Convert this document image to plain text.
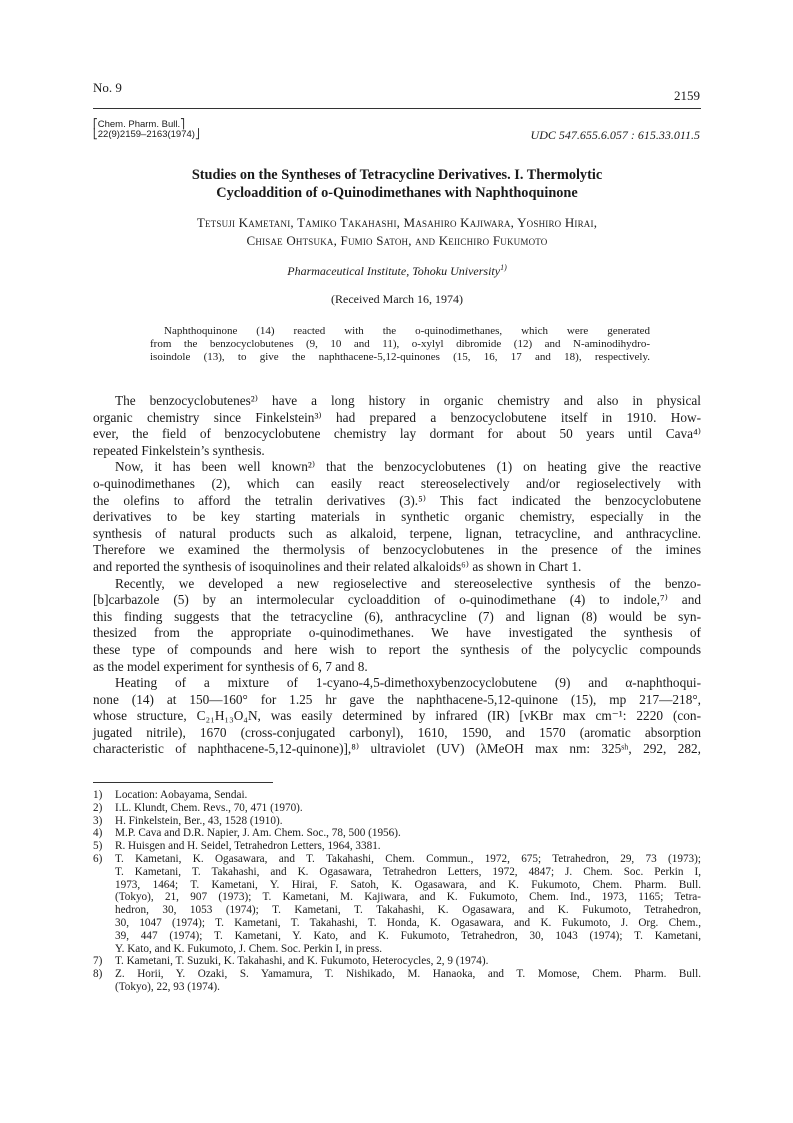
No. 9
2159
⎡Chem. Pharm. Bull.⎤
⎣22(9)2159–2163(1974)⎦	UDC 547.655.6.057 : 615.33.011.5
Studies on the Syntheses of Tetracycline Derivatives. I. Thermolytic
Cycloaddition of o-Quinodimethanes with Naphthoquinone
Tetsuji Kametani, Tamiko Takahashi, Masahiro Kajiwara, Yoshiro Hirai,
Chisae Ohtsuka, Fumio Satoh, and Keiichiro Fukumoto
Pharmaceutical Institute, Tohoku University$^{1)}$
(Received March 16, 1974)
Naphthoquinone (14) reacted with the o-quinodimethanes, which were generated
from the benzocyclobutenes (9, 10 and 11), o-xylyl dibromide (12) and N-aminodihydro-
isoindole (13), to give the naphthacene-5,12-quinones (15, 16, 17 and 18), respectively.
The benzocyclobutenes²⁾ have a long history in organic chemistry and also in physical
organic chemistry since Finkelstein³⁾ had prepared a benzocyclobutene itself in 1910. How-
ever, the field of benzocyclobutene chemistry lay dormant for about 50 years until Cava⁴⁾
repeated Finkelstein’s synthesis.
Now, it has been well known²⁾ that the benzocyclobutenes (1) on heating give the reactive
o-quinodimethanes (2), which can easily react stereoselectively and/or regioselectively with
the olefins to afford the tetralin derivatives (3).⁵⁾ This fact indicated the benzocyclobutene
derivatives to be key starting materials in synthetic organic chemistry, especially in the
synthesis of natural products such as alkaloid, terpene, lignan, tetracycline, and anthracycline.
Therefore we examined the thermolysis of benzocyclobutenes in the presence of the imines
and reported the synthesis of isoquinolines and their related alkaloids⁶⁾ as shown in Chart 1.
Recently, we developed a new regioselective and stereoselective synthesis of the benzo-
[b]carbazole (5) by an intermolecular cycloaddition of o-quinodimethane (4) to indole,⁷⁾ and
this finding suggests that the tetracycline (6), anthracycline (7) and lignan (8) would be syn-
thesized from the appropriate o-quinodimethanes. We have investigated the synthesis of
these type of compounds and here wish to report the synthesis of the polycyclic compounds
as the model experiment for synthesis of 6, 7 and 8.
Heating of a mixture of 1-cyano-4,5-dimethoxybenzocyclobutene (9) and α-naphthoqui-
none (14) at 150—160° for 1.25 hr gave the naphthacene-5,12-quinone (15), mp 217—218°,
whose structure, C₂₁H₁₃O₄N, was easily determined by infrared (IR) [νKBr max cm⁻¹: 2220 (con-
jugated nitrile), 1670 (cross-conjugated carbonyl), 1610, 1590, and 1570 (aromatic absorption
characteristic of naphthacene-5,12-quinone)],⁸⁾ ultraviolet (UV) (λMeOH max nm: 325ˢʰ, 292, 282,
1) Location: Aobayama, Sendai.
2) I.L. Klundt, Chem. Revs., 70, 471 (1970).
3) H. Finkelstein, Ber., 43, 1528 (1910).
4) M.P. Cava and D.R. Napier, J. Am. Chem. Soc., 78, 500 (1956).
5) R. Huisgen and H. Seidel, Tetrahedron Letters, 1964, 3381.
6) T. Kametani, K. Ogasawara, and T. Takahashi, Chem. Commun., 1972, 675; Tetrahedron, 29, 73 (1973);
T. Kametani, T. Takahashi, and K. Ogasawara, Tetrahedron Letters, 1972, 4847; J. Chem. Soc. Perkin I,
1973, 1464; T. Kametani, Y. Hirai, F. Satoh, K. Ogasawara, and K. Fukumoto, Chem. Pharm. Bull.
(Tokyo), 21, 907 (1973); T. Kametani, M. Kajiwara, and K. Fukumoto, Chem. Ind., 1973, 1165; Tetra-
hedron, 30, 1053 (1974); T. Kametani, T. Takahashi, K. Ogasawara, and K. Fukumoto, Tetrahedron,
30, 1047 (1974); T. Kametani, T. Takahashi, T. Honda, K. Ogasawara, and K. Fukumoto, J. Org. Chem.,
39, 447 (1974); T. Kametani, Y. Kato, and K. Fukumoto, Tetrahedron, 30, 1043 (1974); T. Kametani,
Y. Kato, and K. Fukumoto, J. Chem. Soc. Perkin I, in press.
7) T. Kametani, T. Suzuki, K. Takahashi, and K. Fukumoto, Heterocycles, 2, 9 (1974).
8) Z. Horii, Y. Ozaki, S. Yamamura, T. Nishikado, M. Hanaoka, and T. Momose, Chem. Pharm. Bull.
(Tokyo), 22, 93 (1974).
